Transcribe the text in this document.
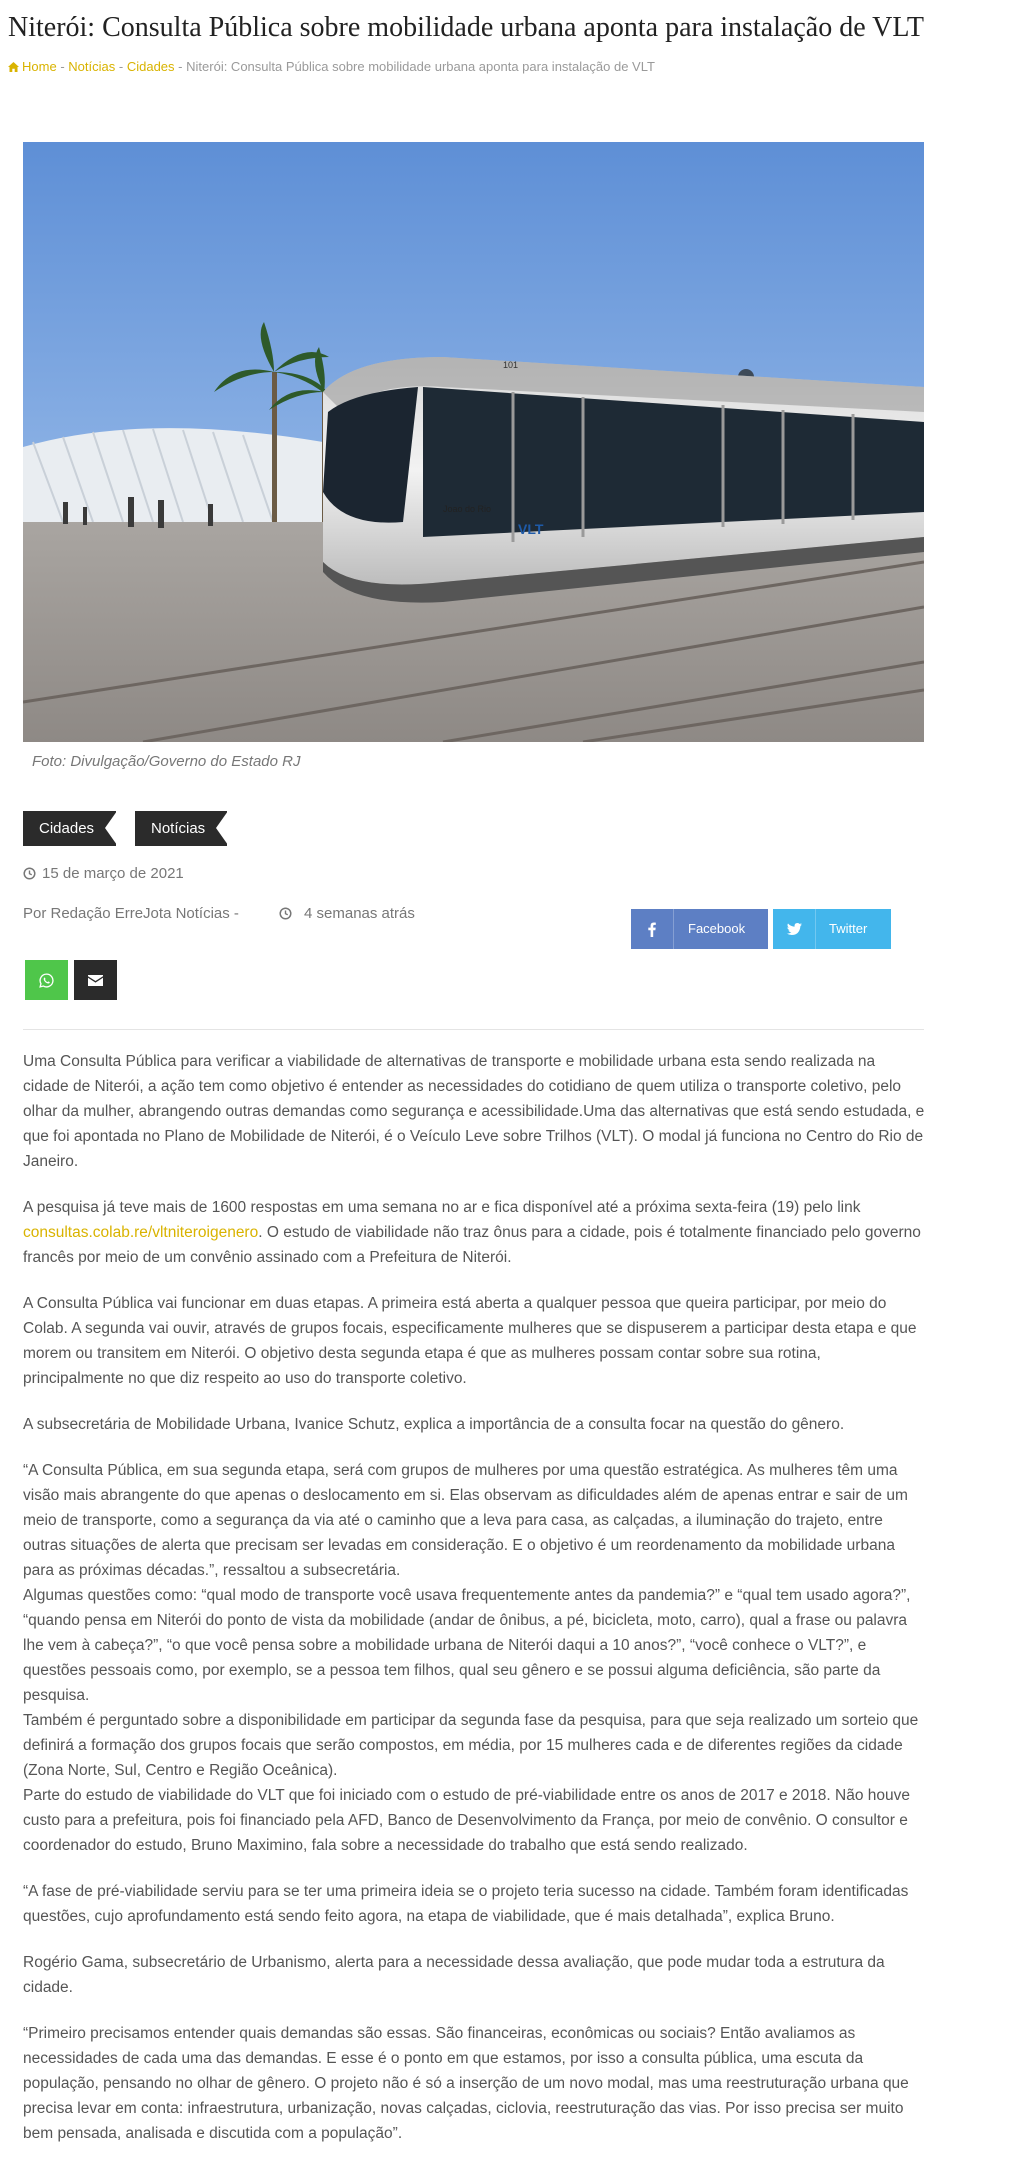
Niterói: Consulta Pública sobre mobilidade urbana aponta para instalação de VLT
Home - Notícias - Cidades - Niterói: Consulta Pública sobre mobilidade urbana aponta para instalação de VLT
Joao do Rio
VLT
101
Foto: Divulgação/Governo do Estado RJ
Cidades	Notícias
15 de março de 2021
Por Redação ErreJota Notícias -	4 semanas atrás
Facebook	Twitter

Uma Consulta Pública para verificar a viabilidade de alternativas de transporte e mobilidade urbana esta sendo realizada na cidade de Niterói, a ação tem como objetivo é entender as necessidades do cotidiano de quem utiliza o transporte coletivo, pelo olhar da mulher, abrangendo outras demandas como segurança e acessibilidade.Uma das alternativas que está sendo estudada, e que foi apontada no Plano de Mobilidade de Niterói, é o Veículo Leve sobre Trilhos (VLT). O modal já funciona no Centro do Rio de Janeiro.

A pesquisa já teve mais de 1600 respostas em uma semana no ar e fica disponível até a próxima sexta-feira (19) pelo link consultas.colab.re/vltniteroigenero. O estudo de viabilidade não traz ônus para a cidade, pois é totalmente financiado pelo governo francês por meio de um convênio assinado com a Prefeitura de Niterói.

A Consulta Pública vai funcionar em duas etapas. A primeira está aberta a qualquer pessoa que queira participar, por meio do Colab. A segunda vai ouvir, através de grupos focais, especificamente mulheres que se dispuserem a participar desta etapa e que morem ou transitem em Niterói. O objetivo desta segunda etapa é que as mulheres possam contar sobre sua rotina, principalmente no que diz respeito ao uso do transporte coletivo.

A subsecretária de Mobilidade Urbana, Ivanice Schutz, explica a importância de a consulta focar na questão do gênero.

“A Consulta Pública, em sua segunda etapa, será com grupos de mulheres por uma questão estratégica. As mulheres têm uma visão mais abrangente do que apenas o deslocamento em si. Elas observam as dificuldades além de apenas entrar e sair de um meio de transporte, como a segurança da via até o caminho que a leva para casa, as calçadas, a iluminação do trajeto, entre outras situações de alerta que precisam ser levadas em consideração. E o objetivo é um reordenamento da mobilidade urbana para as próximas décadas.”, ressaltou a subsecretária.

Algumas questões como: “qual modo de transporte você usava frequentemente antes da pandemia?” e “qual tem usado agora?”, “quando pensa em Niterói do ponto de vista da mobilidade (andar de ônibus, a pé, bicicleta, moto, carro), qual a frase ou palavra lhe vem à cabeça?”, “o que você pensa sobre a mobilidade urbana de Niterói daqui a 10 anos?”, “você conhece o VLT?”, e questões pessoais como, por exemplo, se a pessoa tem filhos, qual seu gênero e se possui alguma deficiência, são parte da pesquisa.

Também é perguntado sobre a disponibilidade em participar da segunda fase da pesquisa, para que seja realizado um sorteio que definirá a formação dos grupos focais que serão compostos, em média, por 15 mulheres cada e de diferentes regiões da cidade (Zona Norte, Sul, Centro e Região Oceânica).

Parte do estudo de viabilidade do VLT que foi iniciado com o estudo de pré-viabilidade entre os anos de 2017 e 2018. Não houve custo para a prefeitura, pois foi financiado pela AFD, Banco de Desenvolvimento da França, por meio de convênio. O consultor e coordenador do estudo, Bruno Maximino, fala sobre a necessidade do trabalho que está sendo realizado.

“A fase de pré-viabilidade serviu para se ter uma primeira ideia se o projeto teria sucesso na cidade. Também foram identificadas questões, cujo aprofundamento está sendo feito agora, na etapa de viabilidade, que é mais detalhada”, explica Bruno.

Rogério Gama, subsecretário de Urbanismo, alerta para a necessidade dessa avaliação, que pode mudar toda a estrutura da cidade.

“Primeiro precisamos entender quais demandas são essas. São financeiras, econômicas ou sociais? Então avaliamos as necessidades de cada uma das demandas. E esse é o ponto em que estamos, por isso a consulta pública, uma escuta da população, pensando no olhar de gênero. O projeto não é só a inserção de um novo modal, mas uma reestruturação urbana que precisa levar em conta: infraestrutura, urbanização, novas calçadas, ciclovia, reestruturação das vias. Por isso precisa ser muito bem pensada, analisada e discutida com a população”.
